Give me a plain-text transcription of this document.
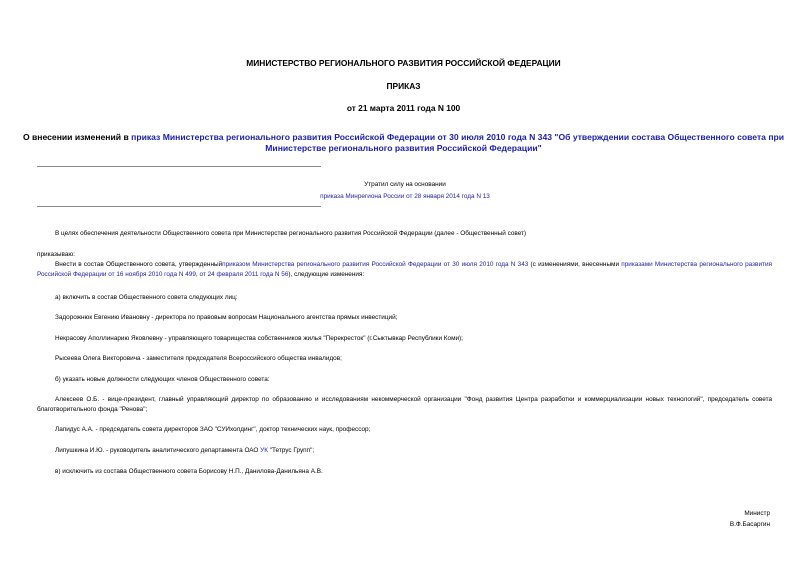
МИНИСТЕРСТВО РЕГИОНАЛЬНОГО РАЗВИТИЯ РОССИЙСКОЙ ФЕДЕРАЦИИ
ПРИКАЗ
от 21 марта 2011 года N 100
О внесении изменений в приказ Министерства регионального развития Российской Федерации от 30 июля 2010 года N 343 "Об утверждении состава Общественного совета при Министерстве регионального развития Российской Федерации"
Утратил силу на основании
приказа Минрегиона России от 28 января 2014 года N 13
В целях обеспечения деятельности Общественного совета при Министерстве регионального развития Российской Федерации (далее - Общественный совет)
приказываю:
Внести в состав Общественного совета, утвержденныйприказом Министерства регионального развития Российской Федерации от 30 июля 2010 года N 343 (с изменениями, внесенными приказами Министерства регионального развития Российской Федерации от 16 ноября 2010 года N 499, от 24 февраля 2011 года N 56), следующие изменения:
а) включить в состав Общественного совета следующих лиц:
Задорожнюк Евгению Ивановну - директора по правовым вопросам Национального агентства прямых инвестиций;
Некрасову Аполлинарию Яковлевну - управляющего товарищества собственников жилья "Перекресток" (г.Сыктывкар Республики Коми);
Рысеева Олега Викторовича - заместителя председателя Всероссийского общества инвалидов;
б) указать новые должности следующих членов Общественного совета:
Алексеев О.Б. - вице-президент, главный управляющий директор по образованию и исследованиям некоммерческой организации "Фонд развития Центра разработки и коммерциализации новых технологий", председатель совета благотворительного фонда "Ренова";
Лапидус А.А. - председатель совета директоров ЗАО "СУИхолдинг", доктор технических наук, профессор;
Липушкина И.Ю. - руководитель аналитического департамента ОАО УК "Тетрус Групп";
в) исключить из состава Общественного совета Борисову Н.П., Данилова-Данильяна А.В.
Министр
В.Ф.Басаргин
